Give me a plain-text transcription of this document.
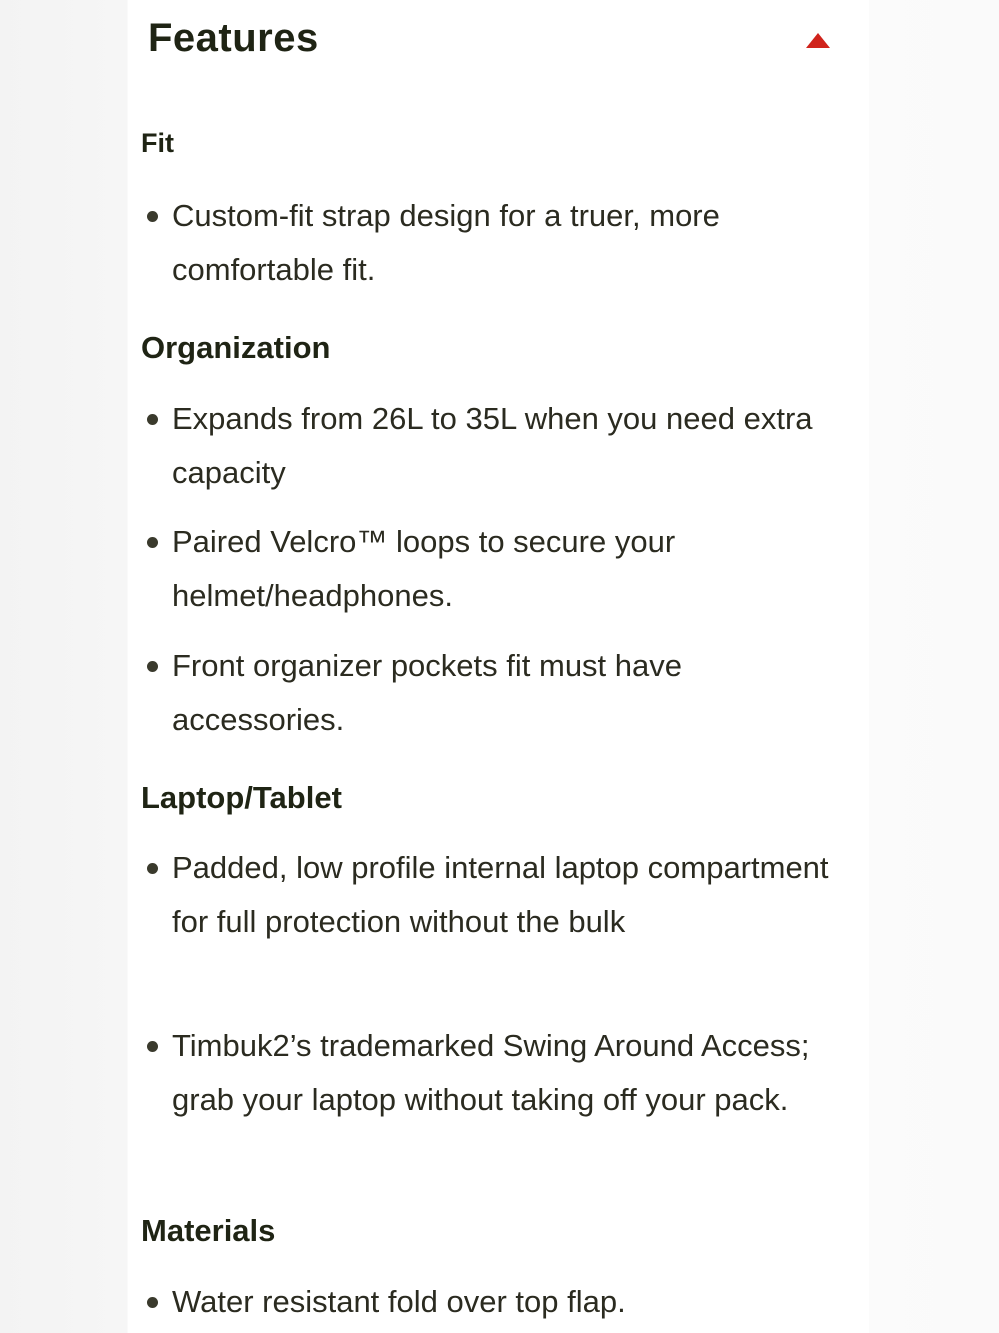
Features
Fit
Custom-fit strap design for a truer, more comfortable fit.
Organization
Expands from 26L to 35L when you need extra capacity
Paired Velcro™ loops to secure your helmet/headphones.
Front organizer pockets fit must have accessories.
Laptop/Tablet
Padded, low profile internal laptop compartment for full protection without the bulk
Timbuk2’s trademarked Swing Around Access; grab your laptop without taking off your pack.
Materials
Water resistant fold over top flap.
